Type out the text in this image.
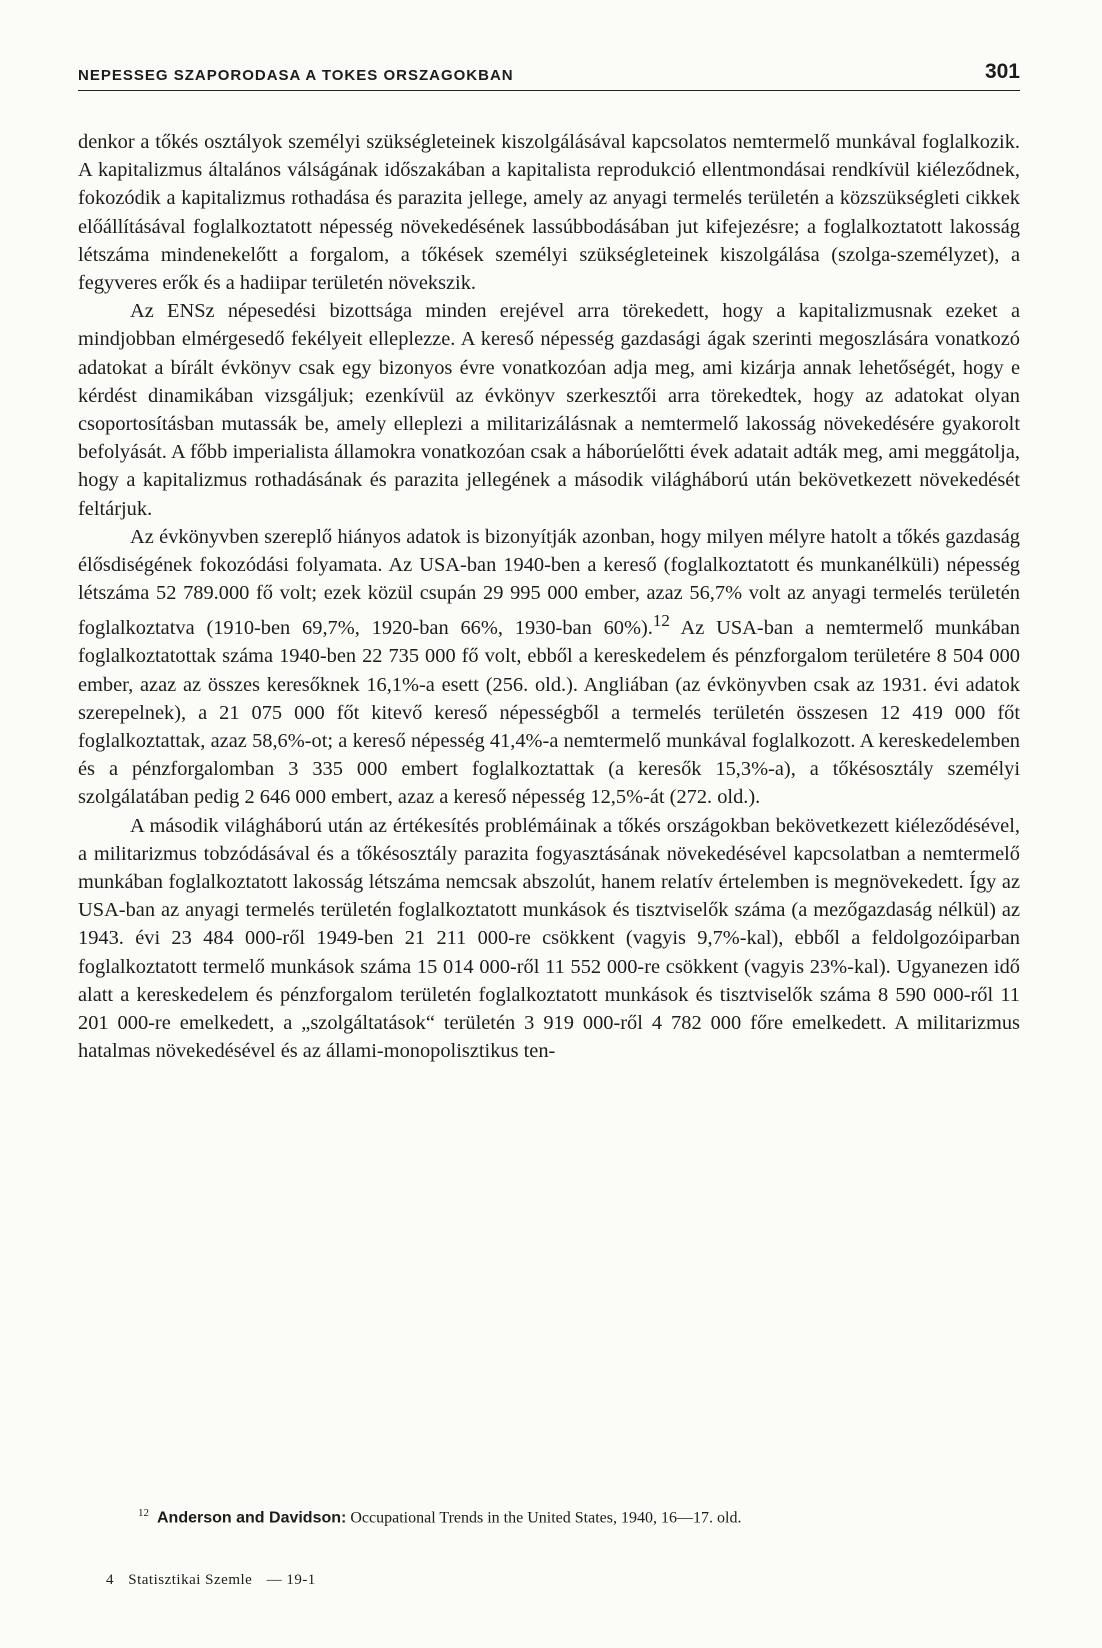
NEPESSEG SZAPORODASA A TOKES ORSZAGOKBAN	301

denkor a tőkés osztályok személyi szükségleteinek kiszolgálásával kapcsolatos nemtermelő munkával foglalkozik. A kapitalizmus általános válságának időszakában a kapitalista reprodukció ellentmondásai rendkívül kiéleződnek, fokozódik a kapitalizmus rothadása és parazita jellege, amely az anyagi termelés területén a közszükségleti cikkek előállításával foglalkoztatott népesség növekedésének lassúbbodásában jut kifejezésre; a foglalkoztatott lakosság létszáma mindenekelőtt a forgalom, a tőkések személyi szükségleteinek kiszolgálása (szolga-személyzet), a fegyveres erők és a hadiipar területén növekszik.

Az ENSz népesedési bizottsága minden erejével arra törekedett, hogy a kapitalizmusnak ezeket a mindjobban elmérgesedő fekélyeit elleplezze. A kereső népesség gazdasági ágak szerinti megoszlására vonatkozó adatokat a bírált évkönyv csak egy bizonyos évre vonatkozóan adja meg, ami kizárja annak lehetőségét, hogy e kérdést dinamikában vizsgáljuk; ezenkívül az évkönyv szerkesztői arra törekedtek, hogy az adatokat olyan csoportosításban mutassák be, amely elleplezi a militarizálásnak a nemtermelő lakosság növekedésére gyakorolt befolyását. A főbb imperialista államokra vonatkozóan csak a háborúelőtti évek adatait adták meg, ami meggátolja, hogy a kapitalizmus rothadásának és parazita jellegének a második világháború után bekövetkezett növekedését feltárjuk.

Az évkönyvben szereplő hiányos adatok is bizonyítják azonban, hogy milyen mélyre hatolt a tőkés gazdaság élősdiségének fokozódási folyamata. Az USA-ban 1940-ben a kereső (foglalkoztatott és munkanélküli) népesség létszáma 52 789.000 fő volt; ezek közül csupán 29 995 000 ember, azaz 56,7% volt az anyagi termelés területén foglalkoztatva (1910-ben 69,7%, 1920-ban 66%, 1930-ban 60%).$^{12}$ Az USA-ban a nemtermelő munkában foglalkoztatottak száma 1940-ben 22 735 000 fő volt, ebből a kereskedelem és pénzforgalom területére 8 504 000 ember, azaz az összes keresőknek 16,1%-a esett (256. old.). Angliában (az évkönyvben csak az 1931. évi adatok szerepelnek), a 21 075 000 főt kitevő kereső népességből a termelés területén összesen 12 419 000 főt foglalkoztattak, azaz 58,6%-ot; a kereső népesség 41,4%-a nemtermelő munkával foglalkozott. A kereskedelemben és a pénzforgalomban 3 335 000 embert foglalkoztattak (a keresők 15,3%-a), a tőkésosztály személyi szolgálatában pedig 2 646 000 embert, azaz a kereső népesség 12,5%-át (272. old.).

A második világháború után az értékesítés problémáinak a tőkés országokban bekövetkezett kiéleződésével, a militarizmus tobzódásával és a tőkésosztály parazita fogyasztásának növekedésével kapcsolatban a nemtermelő munkában foglalkoztatott lakosság létszáma nemcsak abszolút, hanem relatív értelemben is megnövekedett. Így az USA-ban az anyagi termelés területén foglalkoztatott munkások és tisztviselők száma (a mezőgazdaság nélkül) az 1943. évi 23 484 000-ről 1949-ben 21 211 000-re csökkent (vagyis 9,7%-kal), ebből a feldolgozóiparban foglalkoztatott termelő munkások száma 15 014 000-ről 11 552 000-re csökkent (vagyis 23%-kal). Ugyanezen idő alatt a kereskedelem és pénzforgalom területén foglalkoztatott munkások és tisztviselők száma 8 590 000-ről 11 201 000-re emelkedett, a „szolgáltatások“ területén 3 919 000-ről 4 782 000 főre emelkedett. A militarizmus hatalmas növekedésével és az állami-monopolisztikus ten-

$^{12}$ Anderson and Davidson: Occupational Trends in the United States, 1940, 16—17. old.
4 Statisztikai Szemle — 19-1
